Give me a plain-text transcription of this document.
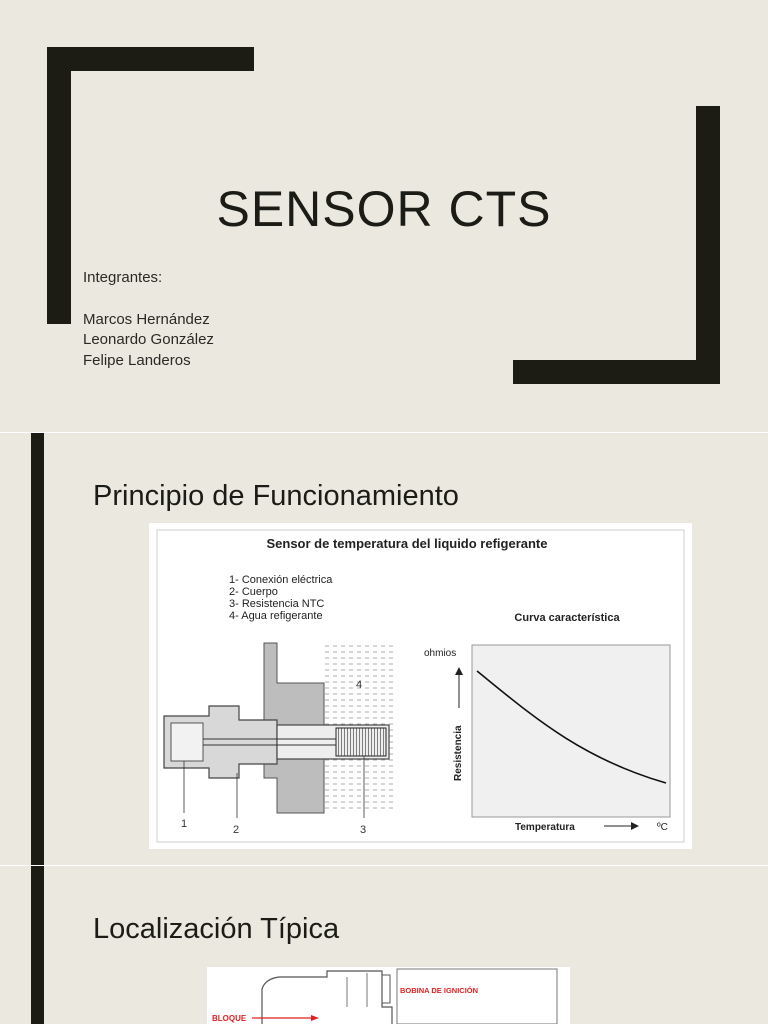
SENSOR CTS
Integrantes:
Marcos Hernández
Leonardo González
Felipe Landeros
Principio de Funcionamiento
Sensor de temperatura del liquido refigerante
1- Conexión eléctrica
2- Cuerpo
3- Resistencia NTC
4- Agua refigerante
1	2	3
4
Curva característica
ohmios
Resistencia
Temperatura	ºC
Localización Típica
BOBINA DE IGNICIÓN
BLOQUE
